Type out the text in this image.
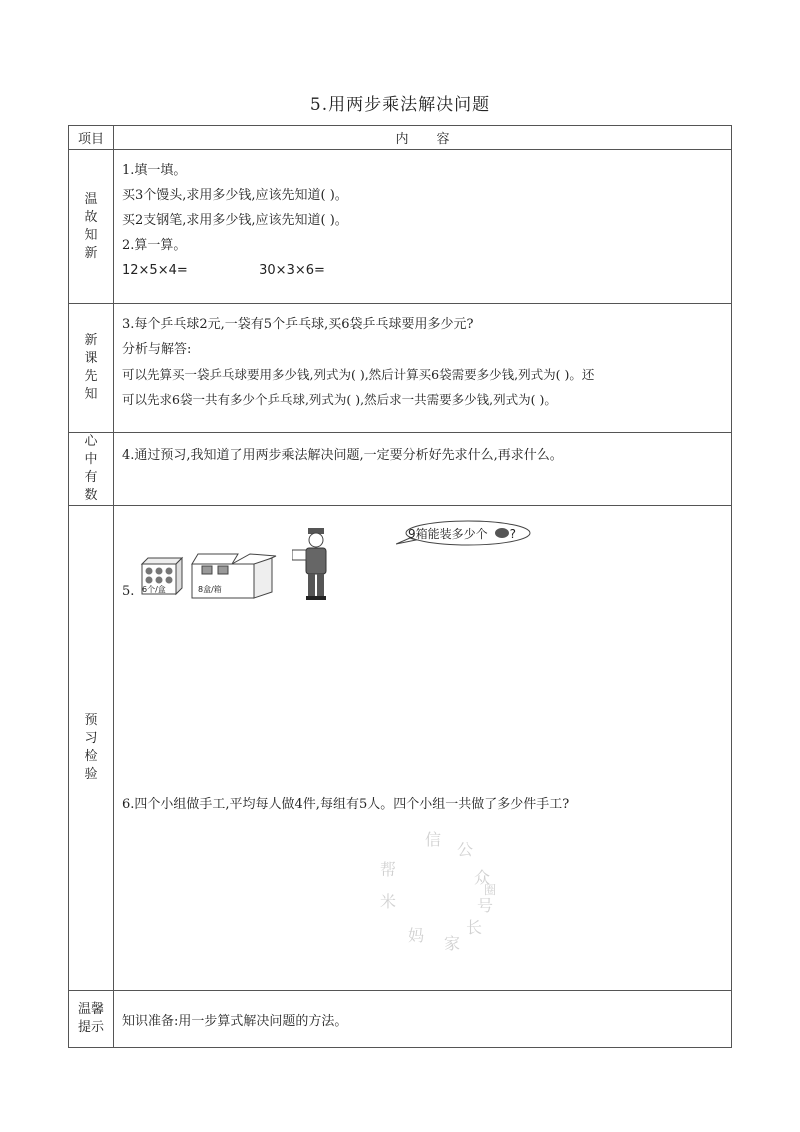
5.用两步乘法解决问题
项目	内容
温故知新	1.填一填。
买3个馒头,求用多少钱,应该先知道( )。
买2支钢笔,求用多少钱,应该先知道( )。
2.算一算。
12×5×4= 30×3×6=

新课先知	3.每个乒乓球2元,一袋有5个乒乓球,买6袋乒乓球要用多少元?
分析与解答:
可以先算买一袋乒乓球要用多少钱,列式为( ),然后计算买6袋需要多少钱,列式为( )。还
可以先求6袋一共有多少个乒乓球,列式为( ),然后求一共需要多少钱,列式为( )。

心中有数	4.通过预习,我知道了用两步乘法解决问题,一定要分析好先求什么,再求什么。

预习检验	5. 6个/盒 8盒/箱
9箱能装多少个 ?
6.四个小组做手工,平均每人做4件,每组有5人。四个小组一共做了多少件手工?

温馨提示	知识准备:用一步算式解决问题的方法。
信
公
众
号
家
长
帮
米
妈
圈
